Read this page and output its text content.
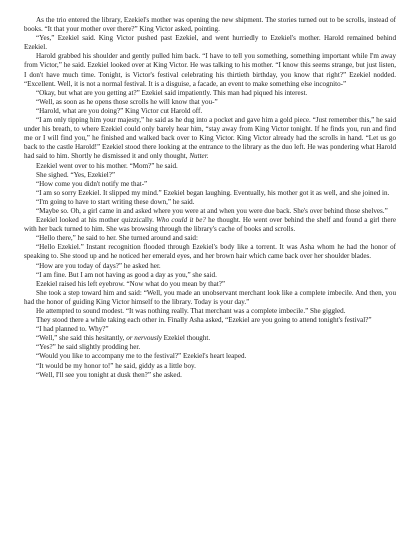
As the trio entered the library, Ezekiel's mother was opening the new shipment. The stories turned out to be scrolls, instead of books. “It that your mother over there?” King Victor asked, pointing.

“Yes,” Ezekiel said. King Victor pushed past Ezekiel, and went hurriedly to Ezekiel's mother. Harold remained behind Ezekiel.

Harold grabbed his shoulder and gently pulled him back. “I have to tell you something, something important while I'm away from Victor,” he said. Ezekiel looked over at King Victor. He was talking to his mother. “I know this seems strange, but just listen, I don't have much time. Tonight, is Victor's festival celebrating his thirtieth birthday, you know that right?” Ezekiel nodded. “Excellent. Well, it is not a normal festival. It is a disguise, a facade, an event to make something else incognito-”

“Okay, but what are you getting at?” Ezekiel said impatiently. This man had piqued his interest.

“Well, as soon as he opens those scrolls he will know that you-”

“Harold, what are you doing?” King Victor cut Harold off.

“I am only tipping him your majesty,” he said as he dug into a pocket and gave him a gold piece. “Just remember this,” he said under his breath, to where Ezekiel could only barely hear him, “stay away from King Victor tonight. If he finds you, run and find me or I will find you,” he finished and walked back over to King Victor. King Victor already had the scrolls in hand. “Let us go back to the castle Harold!” Ezekiel stood there looking at the entrance to the library as the duo left. He was pondering what Harold had said to him. Shortly he dismissed it and only thought, Nutter.

Ezekiel went over to his mother. “Mom?” he said.

She sighed. “Yes, Ezekiel?”

“How come you didn't notify me that-”

“I am so sorry Ezekiel. It slipped my mind.” Ezekiel began laughing. Eventually, his mother got it as well, and she joined in.

“I'm going to have to start writing these down,” he said.

“Maybe so. Oh, a girl came in and asked where you were at and when you were due back. She's over behind those shelves.”

Ezekiel looked at his mother quizzically. Who could it be? he thought. He went over behind the shelf and found a girl there with her back turned to him. She was browsing through the library's cache of books and scrolls.

“Hello there,” he said to her. She turned around and said:

“Hello Ezekiel.” Instant recognition flooded through Ezekiel's body like a torrent. It was Asha whom he had the honor of speaking to. She stood up and he noticed her emerald eyes, and her brown hair which came back over her shoulder blades.

“How are you today of days?” he asked her.

“I am fine. But I am not having as good a day as you,” she said.

Ezekiel raised his left eyebrow. “Now what do you mean by that?”

She took a step toward him and said: “Well, you made an unobservant merchant look like a complete imbecile. And then, you had the honor of guiding King Victor himself to the library. Today is your day.”

He attempted to sound modest. “It was nothing really. That merchant was a complete imbecile.” She giggled.

They stood there a while taking each other in. Finally Asha asked, “Ezekiel are you going to attend tonight's festival?”

“I had planned to. Why?”

“Well,” she said this hesitantly, or nervously Ezekiel thought.

“Yes?” he said slightly prodding her.

“Would you like to accompany me to the festival?” Ezekiel's heart leaped.

“It would be my honor to!” he said, giddy as a little boy.

“Well, I'll see you tonight at dusk then?” she asked.
